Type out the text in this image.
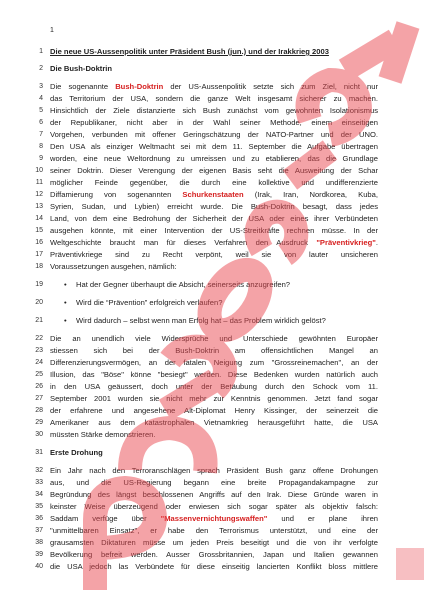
1
1 Die neue US-Aussenpolitik unter Präsident Bush (jun.) und der Irakkrieg 2003
2 Die Bush-Doktrin
3 Die sogenannte Bush-Doktrin der US-Aussenpolitik setzte sich zum Ziel, nicht nur
4 das Territorium der USA, sondern die ganze Welt insgesamt sicherer zu machen.
5 Hinsichtlich der Ziele distanzierte sich Bush zunächst vom gewohnten Isolationismus
6 der Republikaner, nicht aber in der Wahl seiner Methode, einem einseitigen
7 Vorgehen, verbunden mit offener Geringschätzung der NATO-Partner und der UNO.
8 Den USA als einziger Weltmacht sei mit dem 11. September die Aufgabe übertragen
9 worden, eine neue Weltordnung zu umreissen und zu etablieren, das die Grundlage
10 seiner Doktrin. Dieser Verengung der eigenen Basis seht die Ausweitung der Schar
11 möglicher Feinde gegenüber, die durch eine kollektive und undifferenzierte
12 Diffamierung von sogenannten Schurkenstaaten (Irak, Iran, Nordkorea, Kuba,
13 Syrien, Sudan, und Lybien) erreicht wurde. Die Bush-Doktrin besagt, dass jedes
14 Land, von dem eine Bedrohung der Sicherheit der USA oder eines ihrer Verbündeten
15 ausgehen könnte, mit einer Intervention der US-Streitkräfte rechnen müsse. In der
16 Weltgeschichte braucht man für dieses Verfahren den Ausdruck "Präventivkrieg".
17 Präventivkriege sind zu Recht verpönt, weil sie von lauter unsicheren
18 Voraussetzungen ausgehen, nämlich:
19	•	Hat der Gegner überhaupt die Absicht, seinerseits anzugreifen?
20	•	Wird die “Prävention” erfolgreich verlaufen?
21	•	Wird dadurch – selbst wenn man Erfolg hat – das Problem wirklich gelöst?
22 Die an unendlich viele Widersprüche und Unterschiede gewöhnten Europäer
23 stiessen sich bei der Bush-Doktrin am offensichtlichen Mangel an
24 Differenzierungsvermögen, an der fatalen Neigung zum "Grossreinemachen", an der
25 Illusion, das "Böse" könne "besiegt" werden. Diese Bedenken wurden natürlich auch
26 in den USA geäussert, doch unter der Betäubung durch den Schock vom 11.
27 September 2001 wurden sie nicht mehr zur Kenntnis genommen. Jetzt fand sogar
28 der erfahrene und angesehene Alt-Diplomat Henry Kissinger, der seinerzeit die
29 Amerikaner aus dem katastrophalen Vietnamkrieg herausgeführt hatte, die USA
30 müssten Stärke demonstrieren.
31 Erste Drohung
32 Ein Jahr nach den Terroranschlägen sprach Präsident Bush ganz offene Drohungen
33 aus, und die US-Regierung begann eine breite Propagandakampagne zur
34 Begründung des längst beschlossenen Angriffs auf den Irak. Diese Gründe waren in
35 keinster Weise überzeugend oder erwiesen sich sogar später als objektiv falsch:
36 Saddam verfüge über "Massenvernichtungswaffen" und er plane ihren
37 "unmittelbaren Einsatz", er habe den Terrorismus unterstützt, und eine der
38 grausamsten Diktaturen müsse um jeden Preis beseitigt und die von ihr verfolgte
39 Bevölkerung befreit werden. Ausser Grossbritannien, Japan und Italien gewannen
40 die USA jedoch las Verbündete für diese einseitig lancierten Konflikt bloss mittlere
